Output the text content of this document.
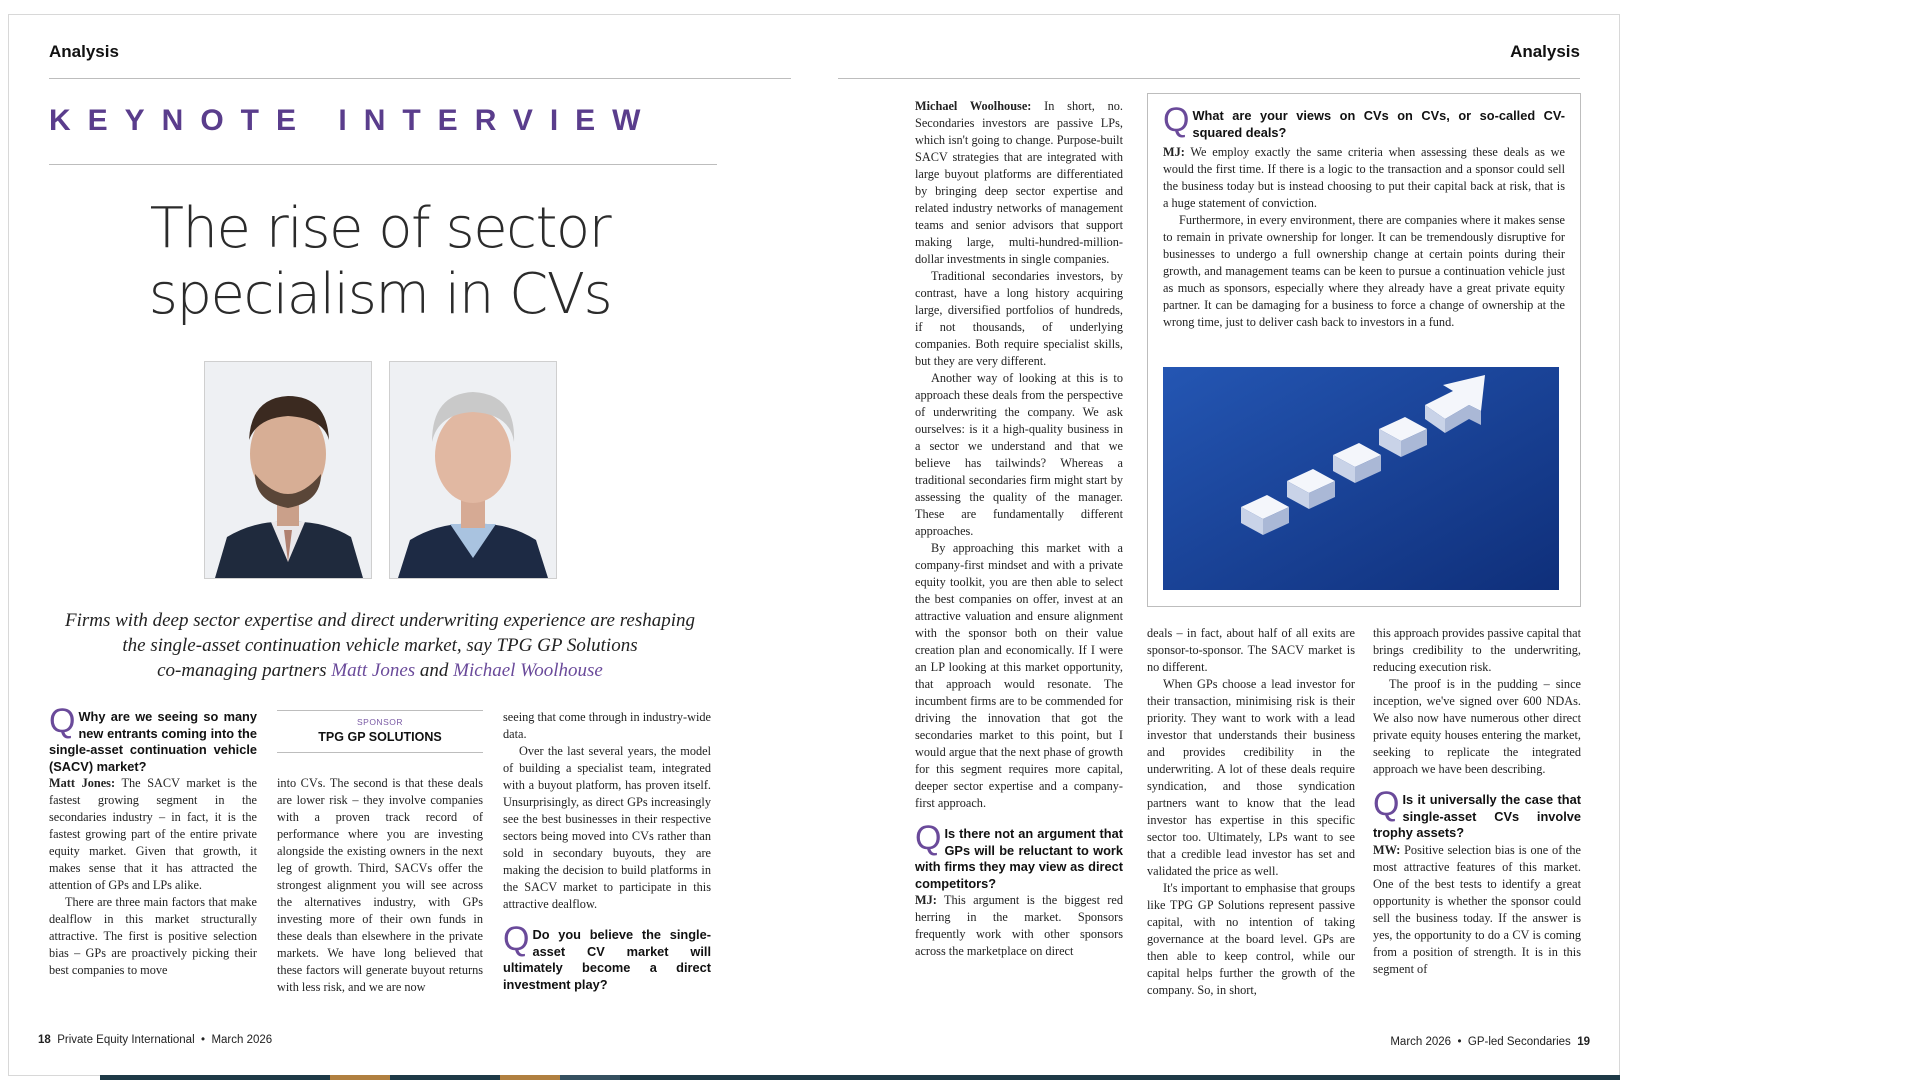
Analysis
KEYNOTE INTERVIEW
The rise of sector
specialism in CVs
Firms with deep sector expertise and direct underwriting experience are reshaping
the single-asset continuation vehicle market, say TPG GP Solutions
co-managing partners Matt Jones and Michael Woolhouse
Q Why are we seeing so many new entrants coming into the single-asset continuation vehicle (SACV) market?

Matt Jones: The SACV market is the fastest growing segment in the secondaries industry – in fact, it is the fastest growing part of the entire private equity market. Given that growth, it makes sense that it has attracted the attention of GPs and LPs alike.

There are three main factors that make dealflow in this market structurally attractive. The first is positive selection bias – GPs are proactively picking their best companies to move

SPONSOR
TPG GP SOLUTIONS

into CVs. The second is that these deals are lower risk – they involve companies with a proven track record of performance where you are investing alongside the existing owners in the next leg of growth. Third, SACVs offer the strongest alignment you will see across the alternatives industry, with GPs investing more of their own funds in these deals than elsewhere in the private markets. We have long believed that these factors will generate buyout returns with less risk, and we are now

seeing that come through in industry-wide data.

Over the last several years, the model of building a specialist team, integrated with a buyout platform, has proven itself. Unsurprisingly, as direct GPs increasingly see the best businesses in their respective sectors being moved into CVs rather than sold in secondary buyouts, they are making the decision to build platforms in the SACV market to participate in this attractive dealflow.

Q Do you believe the single-asset CV market will ultimately become a direct investment play?
18 Private Equity International  •  March 2026
Analysis

Michael Woolhouse: In short, no. Secondaries investors are passive LPs, which isn't going to change. Purpose-built SACV strategies that are integrated with large buyout platforms are differentiated by bringing deep sector expertise and related industry networks of management teams and senior advisors that support making large, multi-hundred-million-dollar investments in single companies.

Traditional secondaries investors, by contrast, have a long history acquiring large, diversified portfolios of hundreds, if not thousands, of underlying companies. Both require specialist skills, but they are very different.

Another way of looking at this is to approach these deals from the perspective of underwriting the company. We ask ourselves: is it a high-quality business in a sector we understand and that we believe has tailwinds? Whereas a traditional secondaries firm might start by assessing the quality of the manager. These are fundamentally different approaches.

By approaching this market with a company-first mindset and with a private equity toolkit, you are then able to select the best companies on offer, invest at an attractive valuation and ensure alignment with the sponsor both on their value creation plan and economically. If I were an LP looking at this market opportunity, that approach would resonate. The incumbent firms are to be commended for driving the innovation that got the secondaries market to this point, but I would argue that the next phase of growth for this segment requires more capital, deeper sector expertise and a company-first approach.

Q Is there not an argument that GPs will be reluctant to work with firms they may view as direct competitors?

MJ: This argument is the biggest red herring in the market. Sponsors frequently work with other sponsors across the marketplace on direct

Q What are your views on CVs on CVs, or so-called CV-squared deals?

MJ: We employ exactly the same criteria when assessing these deals as we would the first time. If there is a logic to the transaction and a sponsor could sell the business today but is instead choosing to put their capital back at risk, that is a huge statement of conviction.

Furthermore, in every environment, there are companies where it makes sense to remain in private ownership for longer. It can be tremendously disruptive for businesses to undergo a full ownership change at certain points during their growth, and management teams can be keen to pursue a continuation vehicle just as much as sponsors, especially where they already have a great private equity partner. It can be damaging for a business to force a change of ownership at the wrong time, just to deliver cash back to investors in a fund.

deals – in fact, about half of all exits are sponsor-to-sponsor. The SACV market is no different.

When GPs choose a lead investor for their transaction, minimising risk is their priority. They want to work with a lead investor that understands their business and provides credibility in the underwriting. A lot of these deals require syndication, and those syndication partners want to know that the lead investor has expertise in this specific sector too. Ultimately, LPs want to see that a credible lead investor has set and validated the price as well.

It's important to emphasise that groups like TPG GP Solutions represent passive capital, with no intention of taking governance at the board level. GPs are then able to keep control, while our capital helps further the growth of the company. So, in short,

this approach provides passive capital that brings credibility to the underwriting, reducing execution risk.

The proof is in the pudding – since inception, we've signed over 600 NDAs. We also now have numerous other direct private equity houses entering the market, seeking to replicate the integrated approach we have been describing.

Q Is it universally the case that single-asset CVs involve trophy assets?

MW: Positive selection bias is one of the most attractive features of this market. One of the best tests to identify a great opportunity is whether the sponsor could sell the business today. If the answer is yes, the opportunity to do a CV is coming from a position of strength. It is in this segment of

March 2026  •  GP-led Secondaries 19
